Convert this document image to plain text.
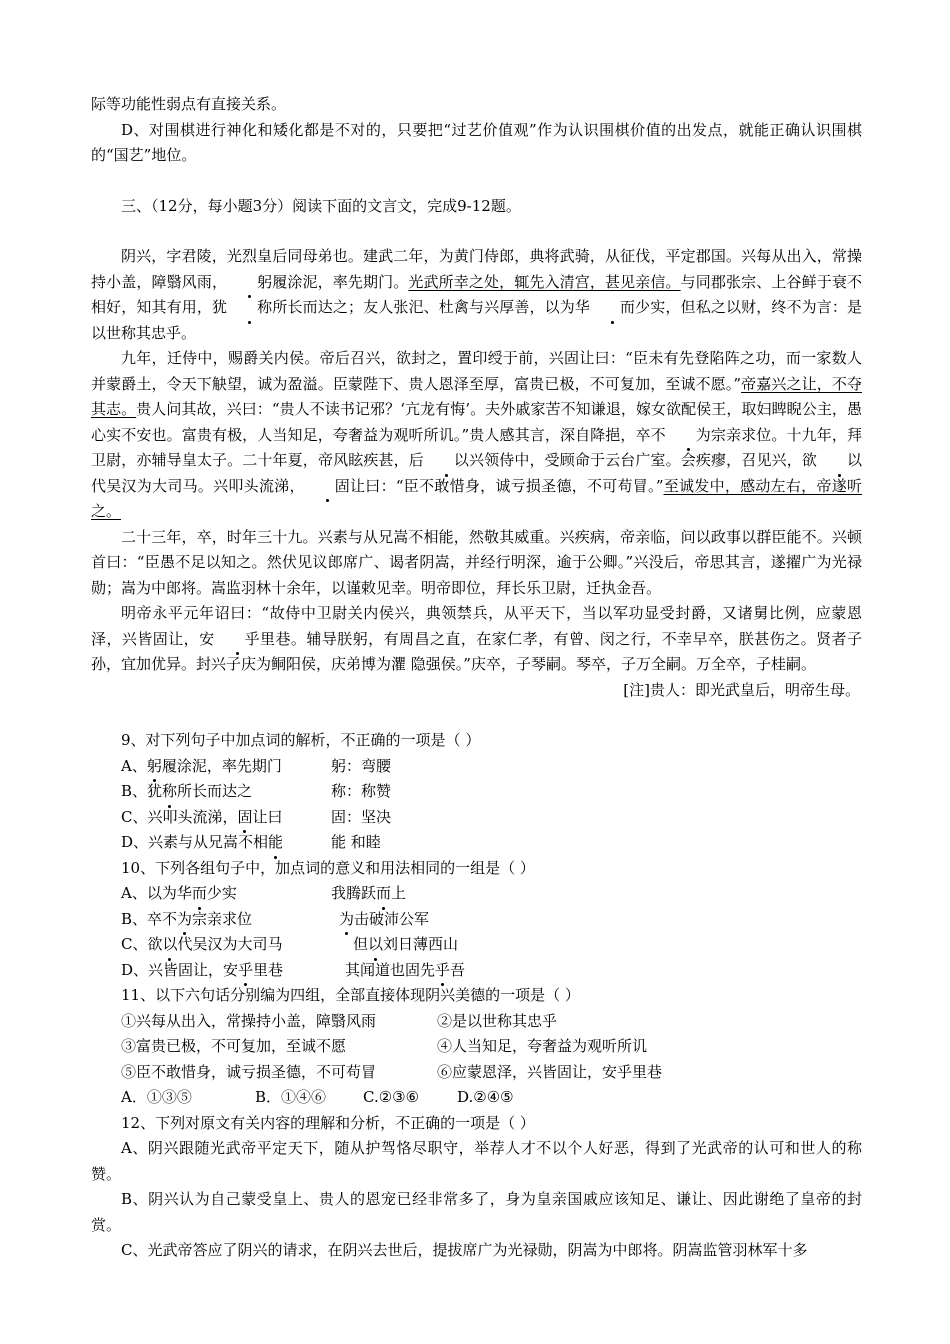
际等功能性弱点有直接关系。

D、对围棋进行神化和矮化都是不对的，只要把“过艺价值观”作为认识围棋价值的出发点，就能正确认识围棋的“国艺”地位。

三、（12分，每小题3分）阅读下面的文言文，完成9-12题。

阴兴，字君陵，光烈皇后同母弟也。建武二年，为黄门侍郎，典将武骑，从征伐，平定郡国。兴每从出入，常操持小盖，障翳风雨， 躬履涂泥，率先期门。光武所幸之处，辄先入清宫，甚见亲信。与同郡张宗、上谷鲜于衰不相好，知其有用，犹 称所长而达之；友人张汜、杜禽与兴厚善，以为华 而少实，但私之以财，终不为言：是以世称其忠乎。

九年，迁侍中，赐爵关内侯。帝后召兴，欲封之，置印绶于前，兴固让曰：“臣未有先登陷阵之功，而一家数人并蒙爵土，令天下觖望，诚为盈溢。臣蒙陛下、贵人恩泽至厚，富贵已极，不可复加，至诚不愿。”帝嘉兴之让，不夺其志。贵人问其故，兴曰：“贵人不读书记邪？‘亢龙有悔’。夫外戚家苦不知谦退，嫁女欲配侯王，取妇睥睨公主，愚心实不安也。富贵有极，人当知足，夸奢益为观听所讥。”贵人感其言，深自降挹，卒不 为宗亲求位。十九年，拜卫尉，亦辅导皇太子。二十年夏，帝风眩疾甚，后 以兴领侍中，受顾命于云台广室。会疾瘳，召见兴，欲 以代吴汉为大司马。兴叩头流涕， 固让曰：“臣不敢惜身，诚亏损圣德，不可苟冒。”至诚发中，感动左右，帝遂听之。

二十三年，卒，时年三十九。兴素与从兄嵩不相能，然敬其威重。兴疾病，帝亲临，问以政事以群臣能不。兴顿首曰：“臣愚不足以知之。然伏见议郎席广、谒者阴嵩，并经行明深，逾于公卿。”兴没后，帝思其言，遂擢广为光禄勋；嵩为中郎将。嵩监羽林十余年，以谨敕见幸。明帝即位，拜长乐卫尉，迁执金吾。

明帝永平元年诏曰：“故侍中卫尉关内侯兴，典领禁兵，从平天下，当以军功显受封爵，又诸舅比例，应蒙恩泽，兴皆固让，安 乎里巷。辅导朕躬，有周昌之直，在家仁孝，有曾、闵之行，不幸早卒，朕甚伤之。贤者子孙，宜加优异。封兴子庆为鲖阳侯，庆弟博为灈 隐强侯。”庆卒，子琴嗣。琴卒，子万全嗣。万全卒，子桂嗣。

[注]贵人：即光武皇后，明帝生母。

9、对下列句子中加点词的解析，不正确的一项是（ ）

A、躬履涂泥，率先期门	躬：弯腰
B、犹称所长而达之	称：称赞
C、兴叩头流涕，固让曰	固：坚决
D、兴素与从兄嵩不相能	能 和睦

10、下列各组句子中，加点词的意义和用法相同的一组是（ ）

A、以为华而少实	我腾跃而上
B、卒不为宗亲求位	为击破沛公军
C、欲以代吴汉为大司马	但以刘日薄西山
D、兴皆固让，安乎里巷	其闻道也固先乎吾

11、以下六句话分别编为四组，全部直接体现阴兴美德的一项是（ ）

①兴每从出入，常操持小盖，障翳风雨	②是以世称其忠乎
③富贵已极，不可复加，至诚不愿	④人当知足，夸奢益为观听所讥
⑤臣不敢惜身，诚亏损圣德，不可苟冒	⑥应蒙恩泽，兴皆固让，安乎里巷
A．①③⑤	B．①④⑥ C.②③⑥	D.②④⑤

12、下列对原文有关内容的理解和分析，不正确的一项是（ ）

A、阴兴跟随光武帝平定天下，随从护驾恪尽职守，举荐人才不以个人好恶，得到了光武帝的认可和世人的称赞。

B、阴兴认为自己蒙受皇上、贵人的恩宠已经非常多了，身为皇亲国戚应该知足、谦让、因此谢绝了皇帝的封赏。

C、光武帝答应了阴兴的请求，在阴兴去世后，提拔席广为光禄勋，阴嵩为中郎将。阴嵩监管羽林军十多
